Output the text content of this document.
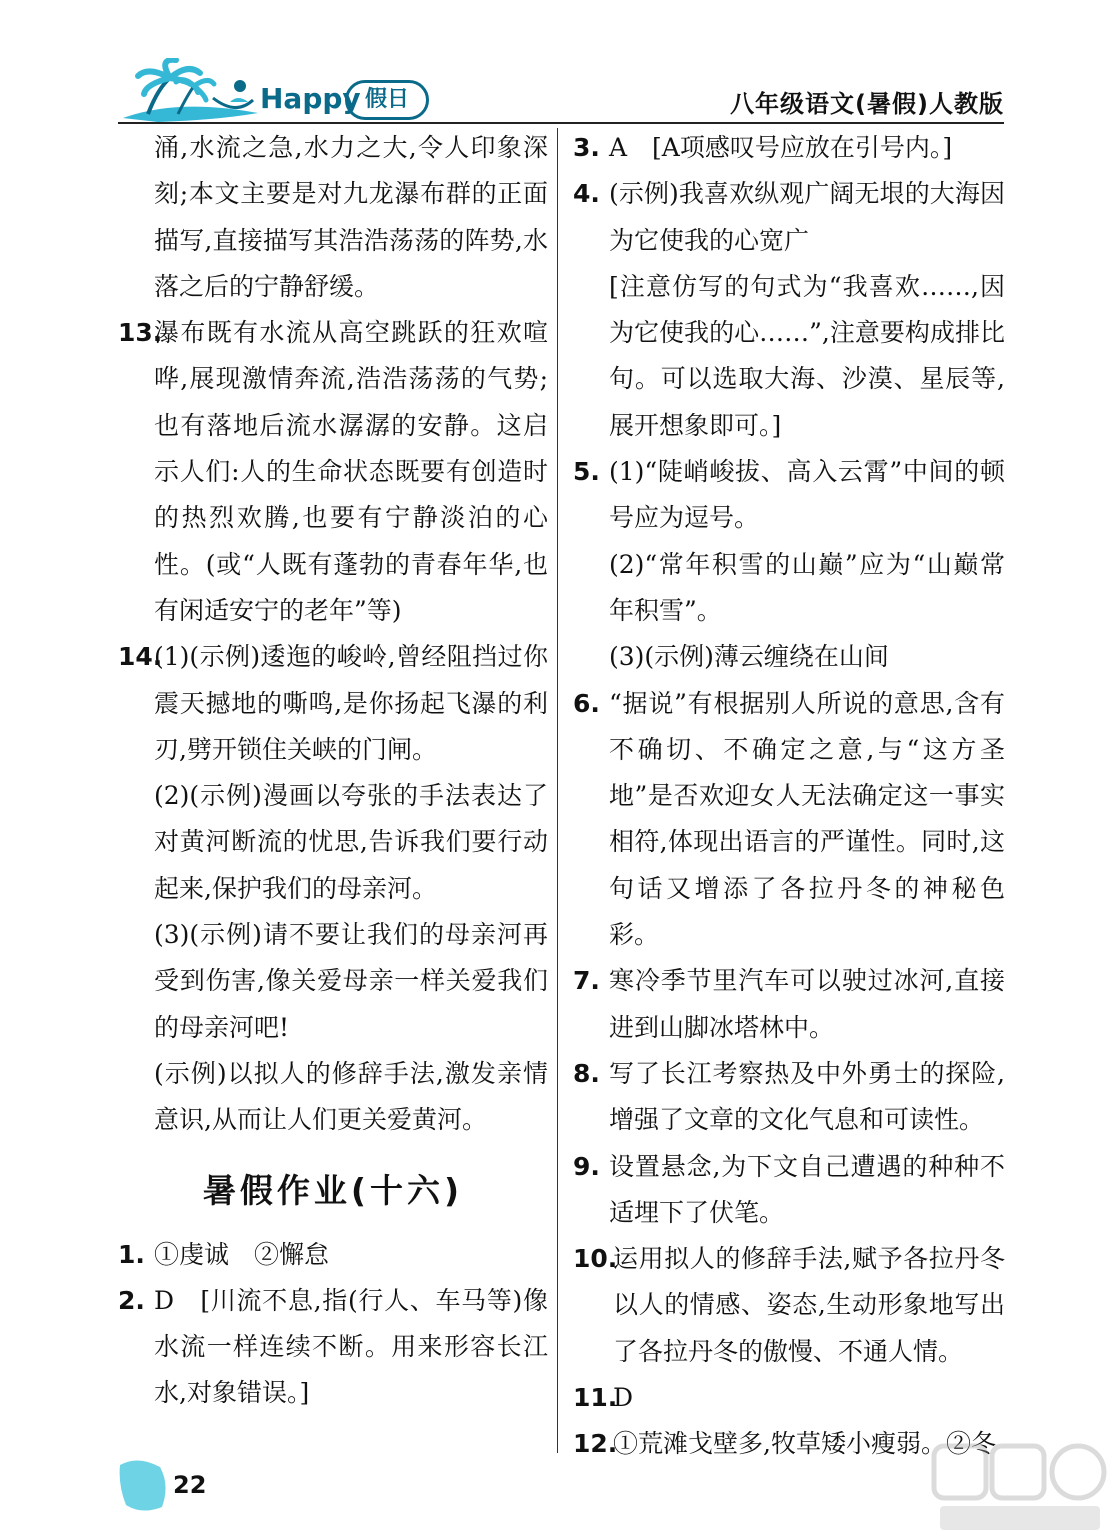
Happy 假日	八年级语文(暑假)人教版

涌,水流之急,水力之大,令人印象深刻;本文主要是对九龙瀑布群的正面描写,直接描写其浩浩荡荡的阵势,水落之后的宁静舒缓。

13.
瀑布既有水流从高空跳跃的狂欢喧哗,展现激情奔流,浩浩荡荡的气势;也有落地后流水潺潺的安静。这启示人们:人的生命状态既要有创造时的热烈欢腾,也要有宁静淡泊的心性。(或“人既有蓬勃的青春年华,也有闲适安宁的老年”等)
14.
(1)(示例)逶迤的峻岭,曾经阻挡过你震天撼地的嘶鸣,是你扬起飞瀑的利刃,劈开锁住关峡的门闸。
(2)(示例)漫画以夸张的手法表达了对黄河断流的忧思,告诉我们要行动起来,保护我们的母亲河。
(3)(示例)请不要让我们的母亲河再受到伤害,像关爱母亲一样关爱我们的母亲河吧!
(示例)以拟人的修辞手法,激发亲情意识,从而让人们更关爱黄河。
暑假作业(十六)
1. ①虔诚　②懈怠
2. D　[川流不息,指(行人、车马等)像水流一样连续不断。用来形容长江水,对象错误。]
3. A　[A项感叹号应放在引号内。]
4. (示例)我喜欢纵观广阔无垠的大海因为它使我的心宽广
[注意仿写的句式为“我喜欢……,因为它使我的心……”,注意要构成排比句。可以选取大海、沙漠、星辰等,展开想象即可。]
5. (1)“陡峭峻拔、高入云霄”中间的顿号应为逗号。
(2)“常年积雪的山巅”应为“山巅常年积雪”。
(3)(示例)薄云缠绕在山间
6. “据说”有根据别人所说的意思,含有不确切、不确定之意,与“这方圣地”是否欢迎女人无法确定这一事实相符,体现出语言的严谨性。同时,这句话又增添了各拉丹冬的神秘色彩。
7. 寒冷季节里汽车可以驶过冰河,直接进到山脚冰塔林中。
8. 写了长江考察热及中外勇士的探险,增强了文章的文化气息和可读性。
9. 设置悬念,为下文自己遭遇的种种不适埋下了伏笔。
10.
运用拟人的修辞手法,赋予各拉丹冬以人的情感、姿态,生动形象地写出了各拉丹冬的傲慢、不通人情。
11.
D
12.
①荒滩戈壁多,牧草矮小瘦弱。②冬
22
